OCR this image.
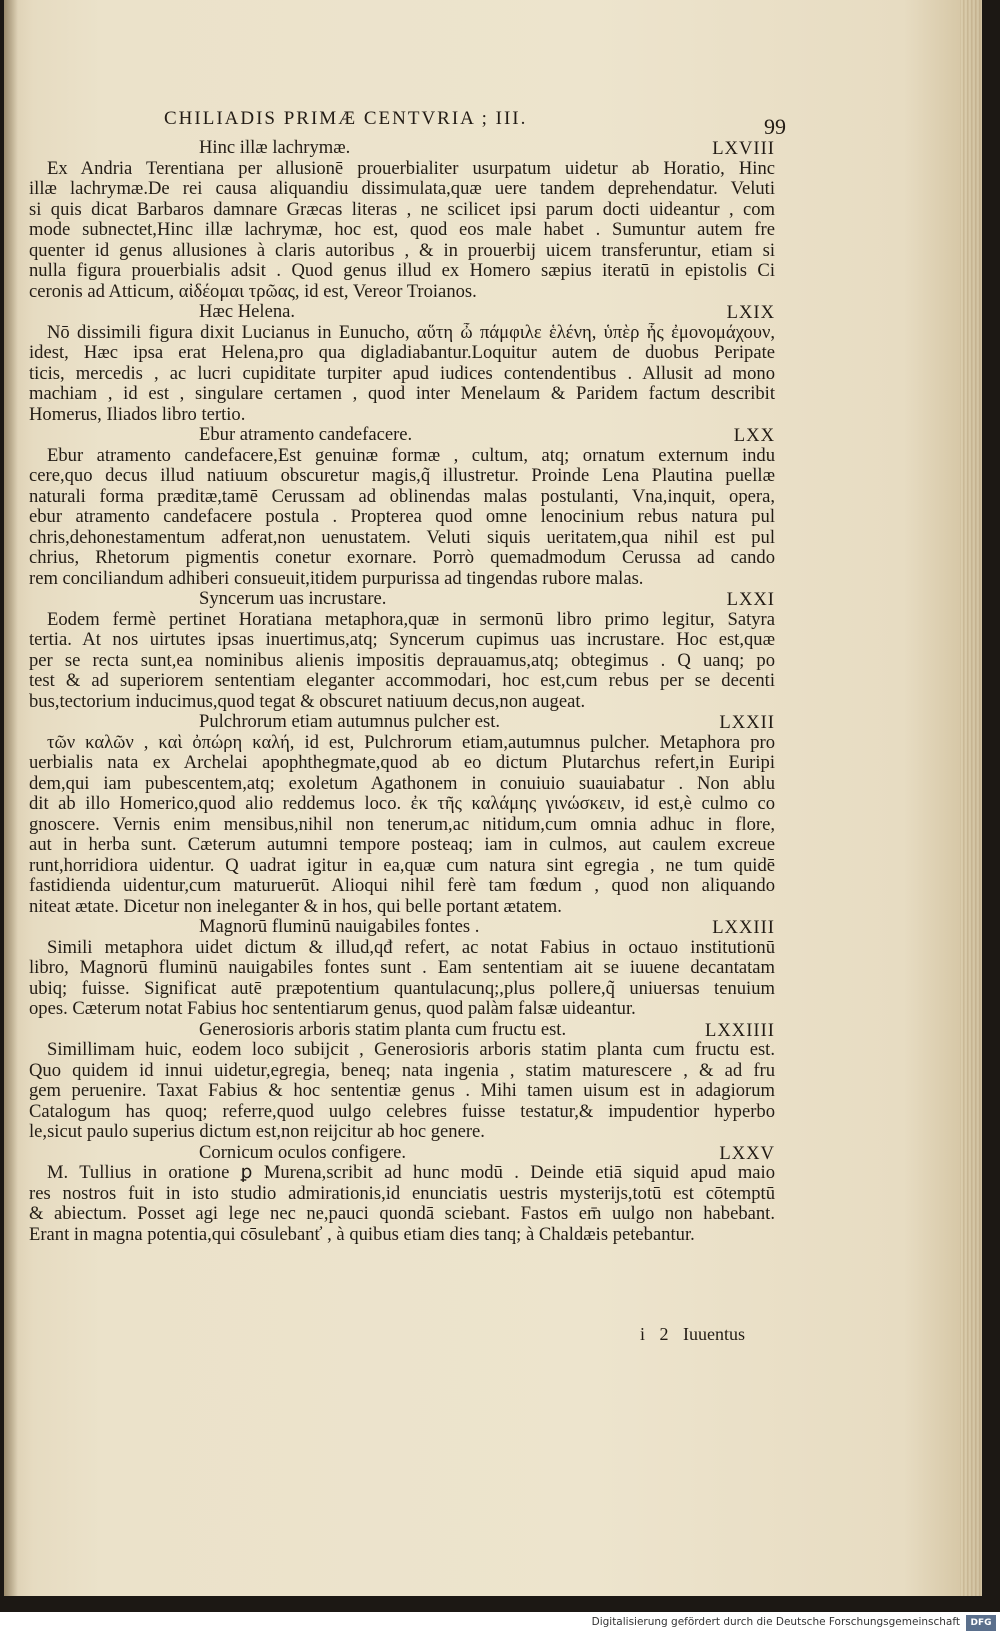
CHILIADIS PRIMÆ CENTVRIA ; III.	99
Hinc illæ lachrymæ.	LXVIII
Ex Andria Terentiana per allusionē prouerbialiter usurpatum uidetur ab Horatio, Hinc
illæ lachrymæ.De rei causa aliquandiu dissimulata,quæ uere tandem deprehendatur. Veluti
si quis dicat Barbaros damnare Græcas literas , ne scilicet ipsi parum docti uideantur , com
mode subnectet,Hinc illæ lachrymæ, hoc est, quod eos male habet . Sumuntur autem fre
quenter id genus allusiones à claris autoribus , & in prouerbij uicem transferuntur, etiam si
nulla figura prouerbialis adsit . Quod genus illud ex Homero sæpius iteratū in epistolis Ci
ceronis ad Atticum, αἰδέομαι τρῶας, id est, Vereor Troianos.
Hæc Helena.	LXIX
Nō dissimili figura dixit Lucianus in Eunucho, αὕτη ὦ πάμφιλε ἑλένη, ὑπὲρ ἧς ἐμονομάχουν,
idest, Hæc ipsa erat Helena,pro qua digladiabantur.Loquitur autem de duobus Peripate
ticis, mercedis , ac lucri cupiditate turpiter apud iudices contendentibus . Allusit ad mono
machiam , id est , singulare certamen , quod inter Menelaum & Paridem factum describit
Homerus, Iliados libro tertio.
Ebur atramento candefacere.	LXX
Ebur atramento candefacere,Est genuinæ formæ , cultum, atq; ornatum externum indu
cere,quo decus illud natiuum obscuretur magis,q̃ illustretur. Proinde Lena Plautina puellæ
naturali forma præditæ,tamē Cerussam ad oblinendas malas postulanti, Vna,inquit, opera,
ebur atramento candefacere postula . Propterea quod omne lenocinium rebus natura pul
chris,dehonestamentum adferat,non uenustatem. Veluti siquis ueritatem,qua nihil est pul
chrius, Rhetorum pigmentis conetur exornare. Porrò quemadmodum Cerussa ad cando
rem conciliandum adhiberi consueuit,itidem purpurissa ad tingendas rubore malas.
Syncerum uas incrustare.	LXXI
Eodem fermè pertinet Horatiana metaphora,quæ in sermonū libro primo legitur, Satyra
tertia. At nos uirtutes ipsas inuertimus,atq; Syncerum cupimus uas incrustare. Hoc est,quæ
per se recta sunt,ea nominibus alienis impositis deprauamus,atq; obtegimus . Q uanq; po
test & ad superiorem sententiam eleganter accommodari, hoc est,cum rebus per se decenti
bus,tectorium inducimus,quod tegat & obscuret natiuum decus,non augeat.
Pulchrorum etiam autumnus pulcher est.	LXXII
τῶν καλῶν , καὶ ὀπώρη καλή, id est, Pulchrorum etiam,autumnus pulcher. Metaphora pro
uerbialis nata ex Archelai apophthegmate,quod ab eo dictum Plutarchus refert,in Euripi
dem,qui iam pubescentem,atq; exoletum Agathonem in conuiuio suauiabatur . Non ablu
dit ab illo Homerico,quod alio reddemus loco. ἐκ τῆς καλάμης γινώσκειν, id est,è culmo co
gnoscere. Vernis enim mensibus,nihil non tenerum,ac nitidum,cum omnia adhuc in flore,
aut in herba sunt. Cæterum autumni tempore posteaq; iam in culmos, aut caulem excreue
runt,horridiora uidentur. Q uadrat igitur in ea,quæ cum natura sint egregia , ne tum quidē
fastidienda uidentur,cum maturuerūt. Alioqui nihil ferè tam fœdum , quod non aliquando
niteat ætate. Dicetur non ineleganter & in hos, qui belle portant ætatem.
Magnorū fluminū nauigabiles fontes .	LXXIII
Simili metaphora uidet dictum & illud,qđ refert, ac notat Fabius in octauo institutionū
libro, Magnorū fluminū nauigabiles fontes sunt . Eam sententiam ait se iuuene decantatam
ubiq; fuisse. Significat autē præpotentium quantulacunq;,plus pollere,q̃ uniuersas tenuium
opes. Cæterum notat Fabius hoc sententiarum genus, quod palàm falsæ uideantur.
Generosioris arboris statim planta cum fructu est.	LXXIIII
Simillimam huic, eodem loco subijcit , Generosioris arboris statim planta cum fructu est.
Quo quidem id innui uidetur,egregia, beneq; nata ingenia , statim maturescere , & ad fru
gem peruenire. Taxat Fabius & hoc sententiæ genus . Mihi tamen uisum est in adagiorum
Catalogum has quoq; referre,quod uulgo celebres fuisse testatur,& impudentior hyperbo
le,sicut paulo superius dictum est,non reijcitur ab hoc genere.
Cornicum oculos configere.	LXXV
M. Tullius in oratione ꝑ Murena,scribit ad hunc modū . Deinde etiā siquid apud maio
res nostros fuit in isto studio admirationis,id enunciatis uestris mysterijs,totū est cōtemptū
& abiectum. Posset agi lege nec ne,pauci quondā sciebant. Fastos em̄ uulgo non habebant.
Erant in magna potentia,qui cōsulebanť , à quibus etiam dies tanq; à Chaldæis petebantur.
i 2 Iuuentus
Digitalisierung gefördert durch die Deutsche Forschungsgemeinschaft	DFG
